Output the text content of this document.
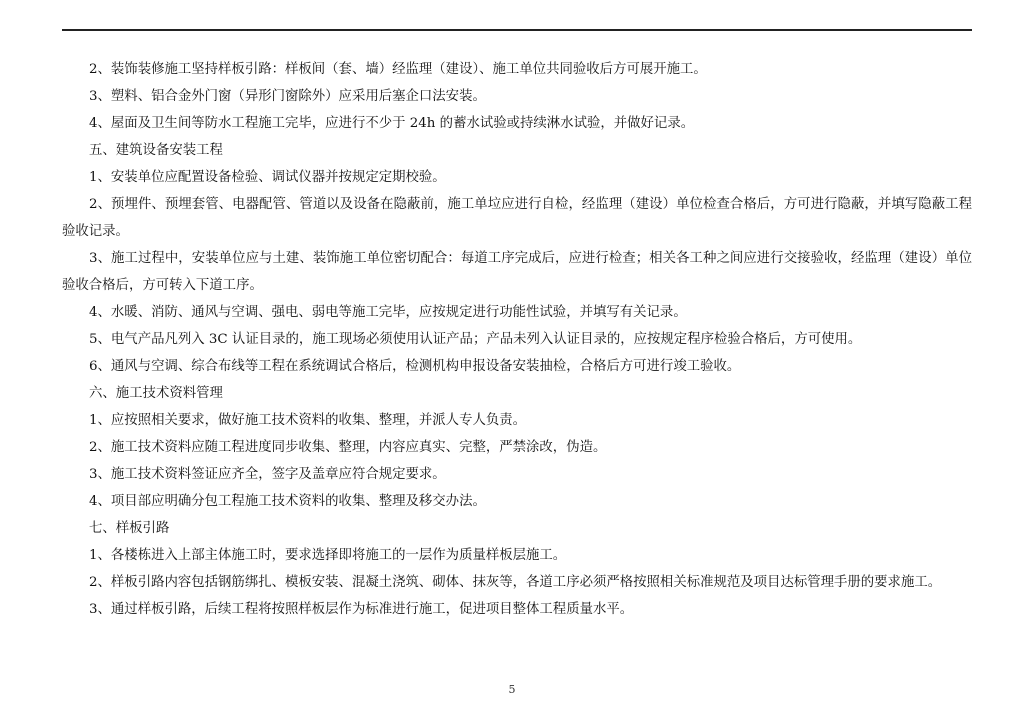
2、装饰装修施工坚持样板引路：样板间（套、墙）经监理（建设）、施工单位共同验收后方可展开施工。

3、塑料、铝合金外门窗（异形门窗除外）应采用后塞企口法安装。

4、屋面及卫生间等防水工程施工完毕，应进行不少于 24h 的蓄水试验或持续淋水试验，并做好记录。

五、建筑设备安装工程

1、安装单位应配置设备检验、调试仪器并按规定定期校验。

2、预埋件、预埋套管、电器配管、管道以及设备在隐蔽前，施工单垃应进行自检，经监理（建设）单位检查合格后，方可进行隐蔽，并填写隐蔽工程验收记录。

3、施工过程中，安装单位应与土建、装饰施工单位密切配合：每道工序完成后，应进行检查；相关各工种之间应进行交接验收，经监理（建设）单位验收合格后，方可转入下道工序。

4、水暖、消防、通风与空调、强电、弱电等施工完毕，应按规定进行功能性试验，并填写有关记录。

5、电气产品凡列入 3C 认证目录的，施工现场必须使用认证产品；产品未列入认证目录的，应按规定程序检验合格后，方可使用。

6、通风与空调、综合布线等工程在系统调试合格后，检测机构申报设备安装抽检，合格后方可进行竣工验收。

六、施工技术资料管理

1、应按照相关要求，做好施工技术资料的收集、整理，并派人专人负责。

2、施工技术资料应随工程进度同步收集、整理，内容应真实、完整，严禁涂改，伪造。

3、施工技术资料签证应齐全，签字及盖章应符合规定要求。

4、项目部应明确分包工程施工技术资料的收集、整理及移交办法。

七、样板引路

1、各楼栋进入上部主体施工时，要求选择即将施工的一层作为质量样板层施工。

2、样板引路内容包括钢筋绑扎、模板安装、混凝土浇筑、砌体、抹灰等，各道工序必须严格按照相关标准规范及项目达标管理手册的要求施工。

3、通过样板引路，后续工程将按照样板层作为标准进行施工，促进项目整体工程质量水平。

5
